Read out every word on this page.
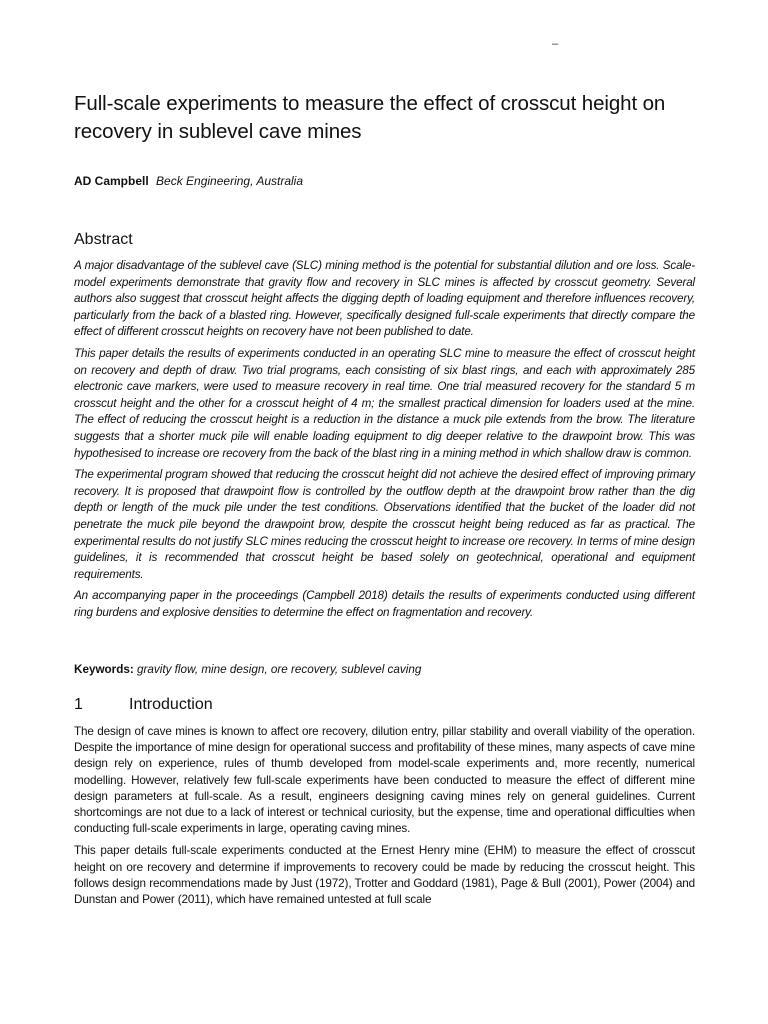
–
Full-scale experiments to measure the effect of crosscut height on recovery in sublevel cave mines

AD Campbell Beck Engineering, Australia

Abstract

A major disadvantage of the sublevel cave (SLC) mining method is the potential for substantial dilution and ore loss. Scale-model experiments demonstrate that gravity flow and recovery in SLC mines is affected by crosscut geometry. Several authors also suggest that crosscut height affects the digging depth of loading equipment and therefore influences recovery, particularly from the back of a blasted ring. However, specifically designed full-scale experiments that directly compare the effect of different crosscut heights on recovery have not been published to date.

This paper details the results of experiments conducted in an operating SLC mine to measure the effect of crosscut height on recovery and depth of draw. Two trial programs, each consisting of six blast rings, and each with approximately 285 electronic cave markers, were used to measure recovery in real time. One trial measured recovery for the standard 5 m crosscut height and the other for a crosscut height of 4 m; the smallest practical dimension for loaders used at the mine. The effect of reducing the crosscut height is a reduction in the distance a muck pile extends from the brow. The literature suggests that a shorter muck pile will enable loading equipment to dig deeper relative to the drawpoint brow. This was hypothesised to increase ore recovery from the back of the blast ring in a mining method in which shallow draw is common.

The experimental program showed that reducing the crosscut height did not achieve the desired effect of improving primary recovery. It is proposed that drawpoint flow is controlled by the outflow depth at the drawpoint brow rather than the dig depth or length of the muck pile under the test conditions. Observations identified that the bucket of the loader did not penetrate the muck pile beyond the drawpoint brow, despite the crosscut height being reduced as far as practical. The experimental results do not justify SLC mines reducing the crosscut height to increase ore recovery. In terms of mine design guidelines, it is recommended that crosscut height be based solely on geotechnical, operational and equipment requirements.

An accompanying paper in the proceedings (Campbell 2018) details the results of experiments conducted using different ring burdens and explosive densities to determine the effect on fragmentation and recovery.

Keywords: gravity flow, mine design, ore recovery, sublevel caving

1	Introduction

The design of cave mines is known to affect ore recovery, dilution entry, pillar stability and overall viability of the operation. Despite the importance of mine design for operational success and profitability of these mines, many aspects of cave mine design rely on experience, rules of thumb developed from model-scale experiments and, more recently, numerical modelling. However, relatively few full-scale experiments have been conducted to measure the effect of different mine design parameters at full-scale. As a result, engineers designing caving mines rely on general guidelines. Current shortcomings are not due to a lack of interest or technical curiosity, but the expense, time and operational difficulties when conducting full-scale experiments in large, operating caving mines.

This paper details full-scale experiments conducted at the Ernest Henry mine (EHM) to measure the effect of crosscut height on ore recovery and determine if improvements to recovery could be made by reducing the crosscut height. This follows design recommendations made by Just (1972), Trotter and Goddard (1981), Page & Bull (2001), Power (2004) and Dunstan and Power (2011), which have remained untested at full scale
